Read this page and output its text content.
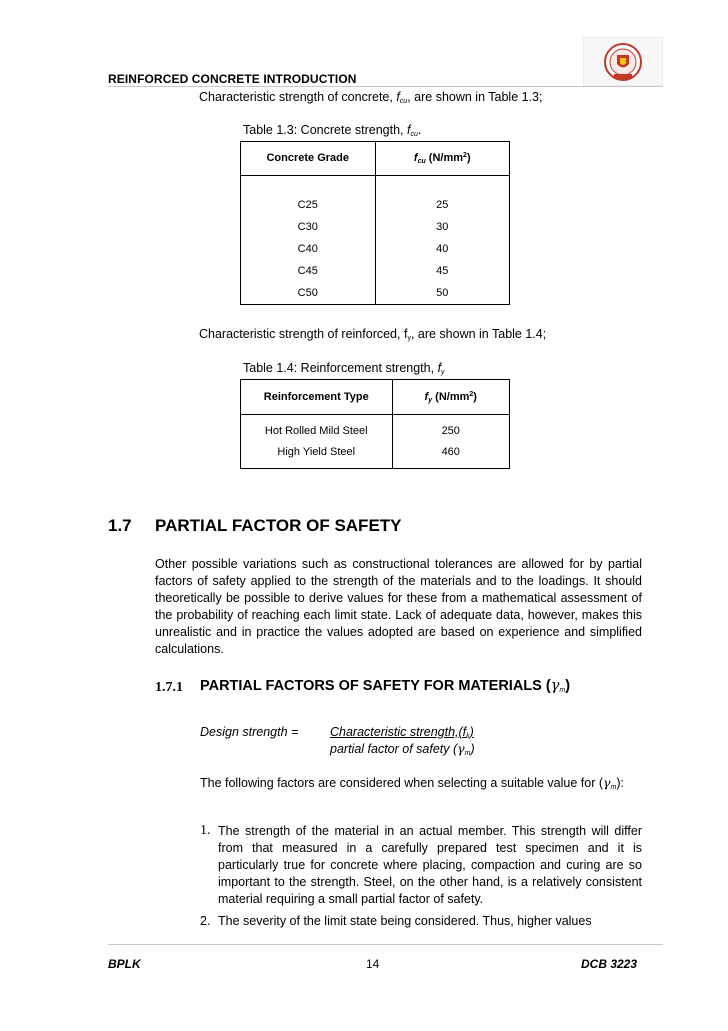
REINFORCED CONCRETE INTRODUCTION
Characteristic strength of concrete, fcu, are shown in Table 1.3;
Table 1.3: Concrete strength, fcu.
Concrete Grade	$f_{cu}$ $(N/mm^2)$

C25	25
C30	30
C40	40
C45	45
C50	50
Characteristic strength of reinforced, fy, are shown in Table 1.4;
Table 1.4: Reinforcement strength, fy
Reinforcement Type	$f_y$ $(N/mm^2)$

Hot Rolled Mild Steel	250
High Yield Steel	460
1.7 PARTIAL FACTOR OF SAFETY
Other possible variations such as constructional tolerances are allowed for by partial factors of safety applied to the strength of the materials and to the loadings. It should theoretically be possible to derive values for these from a mathematical assessment of the probability of reaching each limit state. Lack of adequate data, however, makes this unrealistic and in practice the values adopted are based on experience and simplified calculations.
1.7.1 PARTIAL FACTORS OF SAFETY FOR MATERIALS (γm)
Design strength =	Characteristic strength,(fk)
partial factor of safety (γm)
The following factors are considered when selecting a suitable value for (γm):
1. The strength of the material in an actual member. This strength will differ from that measured in a carefully prepared test specimen and it is particularly true for concrete where placing, compaction and curing are so important to the strength. Steel, on the other hand, is a relatively consistent material requiring a small partial factor of safety.
2. The severity of the limit state being considered. Thus, higher values
BPLK	14	DCB 3223
